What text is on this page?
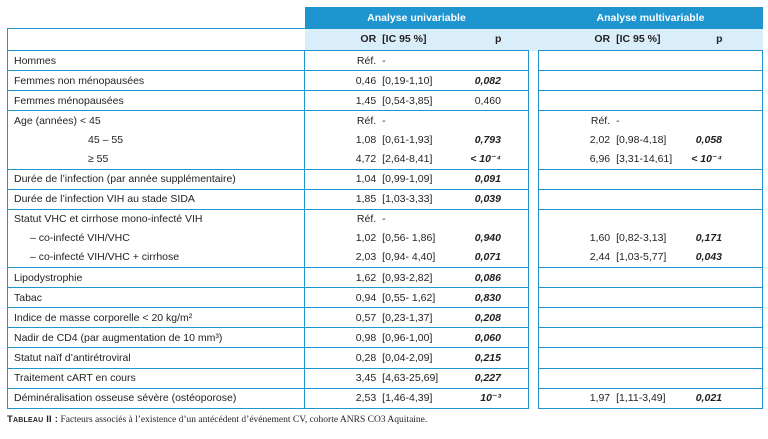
	Analyse univariable				Analyse multivariable		
	OR	[IC 95 %]	p		OR	[IC 95 %]	p
Hommes	Réf.	-					
Femmes non ménopausées	0,46	[0,19-1,10]	0,082				
Femmes ménopausées	1,45	[0,54-3,85]	0,460				
Age (années) < 45	Réf.	-			Réf.	-	
45 – 55	1,08	[0,61-1,93]	0,793		2,02	[0,98-4,18]	0,058
≥ 55	4,72	[2,64-8,41]	< 10⁻⁴		6,96	[3,31-14,61]	< 10⁻⁴
Durée de l’infection (par année supplémentaire)	1,04	[0,99-1,09]	0,091				
Durée de l’infection VIH au stade SIDA	1,85	[1,03-3,33]	0,039				
Statut VHC et cirrhose mono-infecté VIH	Réf.	-					
– co-infecté VIH/VHC	1,02	[0,56- 1,86]	0,940		1,60	[0,82-3,13]	0,171
– co-infecté VIH/VHC + cirrhose	2,03	[0,94- 4,40]	0,071		2,44	[1,03-5,77]	0,043
Lipodystrophie	1,62	[0,93-2,82]	0,086				
Tabac	0,94	[0,55- 1,62]	0,830				
Indice de masse corporelle < 20 kg/m²	0,57	[0,23-1,37]	0,208				
Nadir de CD4 (par augmentation de 10 mm³)	0,98	[0,96-1,00]	0,060				
Statut naïf d’antirétroviral	0,28	[0,04-2,09]	0,215				
Traitement cART en cours	3,45	[4,63-25,69]	0,227				
Déminéralisation osseuse sévère (ostéoporose)	2,53	[1,46-4,39]	10⁻³		1,97	[1,11-3,49]	0,021
Tableau II : Facteurs associés à l’existence d’un antécédent d’événement CV, cohorte ANRS CO3 Aquitaine.
